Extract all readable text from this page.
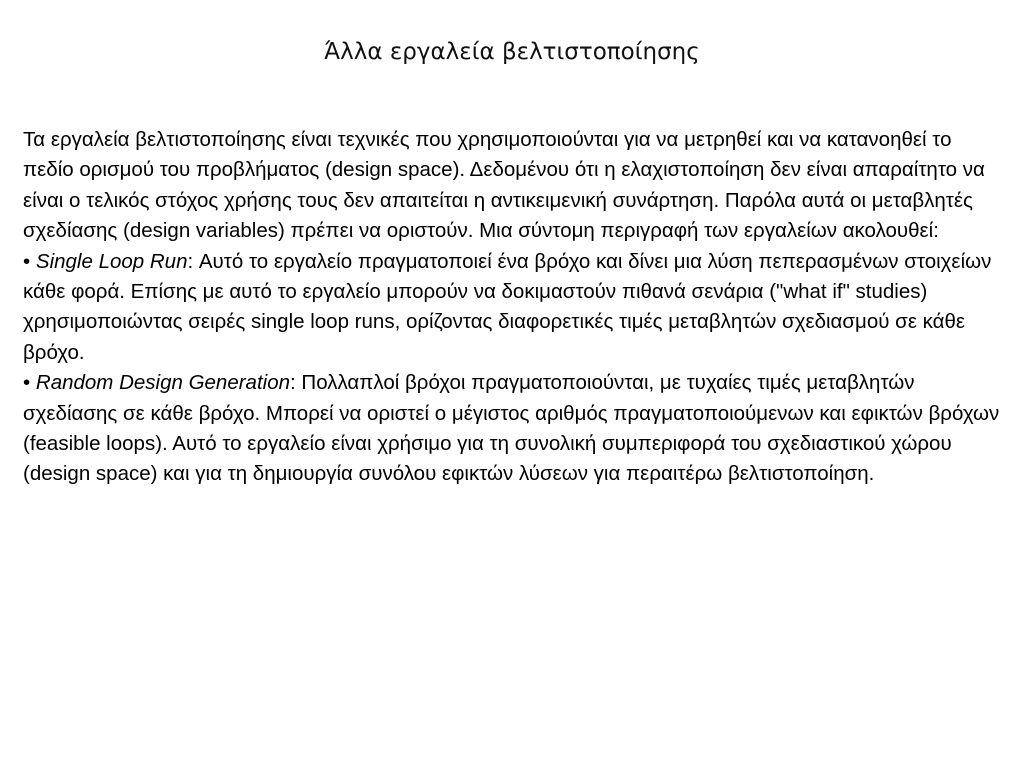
Άλλα εργαλεία βελτιστοποίησης

Τα εργαλεία βελτιστοποίησης είναι τεχνικές που χρησιμοποιούνται για να μετρηθεί και να κατανοηθεί το πεδίο ορισμού του προβλήματος (design space). Δεδομένου ότι η ελαχιστοποίηση δεν είναι απαραίτητο να είναι ο τελικός στόχος χρήσης τους δεν απαιτείται η αντικειμενική συνάρτηση. Παρόλα αυτά οι μεταβλητές σχεδίασης (design variables) πρέπει να οριστούν. Μια σύντομη περιγραφή των εργαλείων ακολουθεί:

• Single Loop Run: Αυτό το εργαλείο πραγματοποιεί ένα βρόχο και δίνει μια λύση πεπερασμένων στοιχείων κάθε φορά. Επίσης με αυτό το εργαλείο μπορούν να δοκιμαστούν πιθανά σενάρια ("what if" studies) χρησιμοποιώντας σειρές single loop runs, ορίζοντας διαφορετικές τιμές μεταβλητών σχεδιασμού σε κάθε βρόχο.

• Random Design Generation: Πολλαπλοί βρόχοι πραγματοποιούνται, με τυχαίες τιμές μεταβλητών σχεδίασης σε κάθε βρόχο. Μπορεί να οριστεί ο μέγιστος αριθμός πραγματοποιούμενων και εφικτών βρόχων (feasible loops). Αυτό το εργαλείο είναι χρήσιμο για τη συνολική συμπεριφορά του σχεδιαστικού χώρου (design space) και για τη δημιουργία συνόλου εφικτών λύσεων για περαιτέρω βελτιστοποίηση.
